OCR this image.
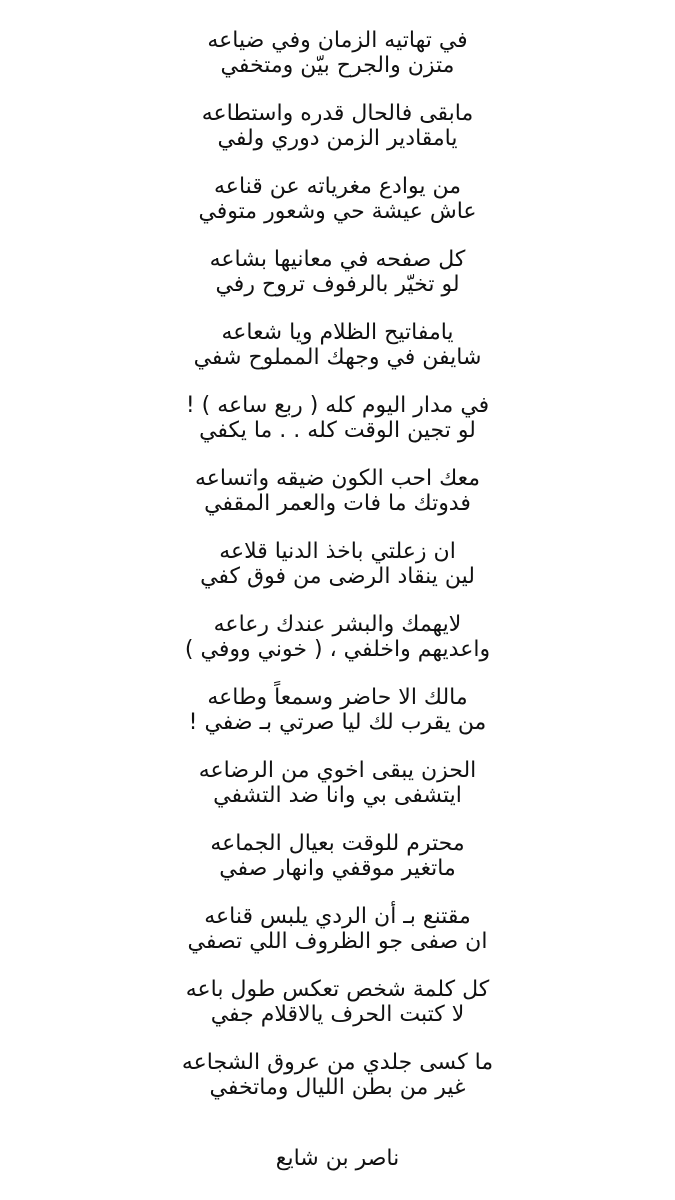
في تهاتيه الزمان وفي ضياعه
متزن والجرح بيّن ومتخفي
مابقى فالحال قدره واستطاعه
يامقادير الزمن دوري ولفي
من يوادع مغرياته عن قناعه
عاش عيشة حي وشعور متوفي
كل صفحه في معانيها بشاعه
لو تخيّر بالرفوف تروح رفي
يامفاتيح الظلام ويا شعاعه
شايفن في وجهك المملوح شفي
في مدار اليوم كله ( ربع ساعه ) !
لو تجين الوقت كله . . ما يكفي
معك احب الكون ضيقه واتساعه
فدوتك ما فات والعمر المقفي
ان زعلتي باخذ الدنيا قلاعه
لين ينقاد الرضى من فوق كفي
لايهمك والبشر عندك رعاعه
واعديهم واخلفي ، ( خوني ووفي )
مالك الا حاضر وسمعاً وطاعه
من يقرب لك ليا صرتي بـ ضفي !
الحزن يبقى اخوي من الرضاعه
ايتشفى بي وانا ضد التشفي
محترم للوقت بعيال الجماعه
ماتغير موقفي وانهار صفي
مقتنع بـ أن الردي يلبس قناعه
ان صفى جو الظروف اللي تصفي
كل كلمة شخص تعكس طول باعه
لا كتبت الحرف يالاقلام جفي
ما كسى جلدي من عروق الشجاعه
غير من بطن الليال وماتخفي
ناصر بن شايع
